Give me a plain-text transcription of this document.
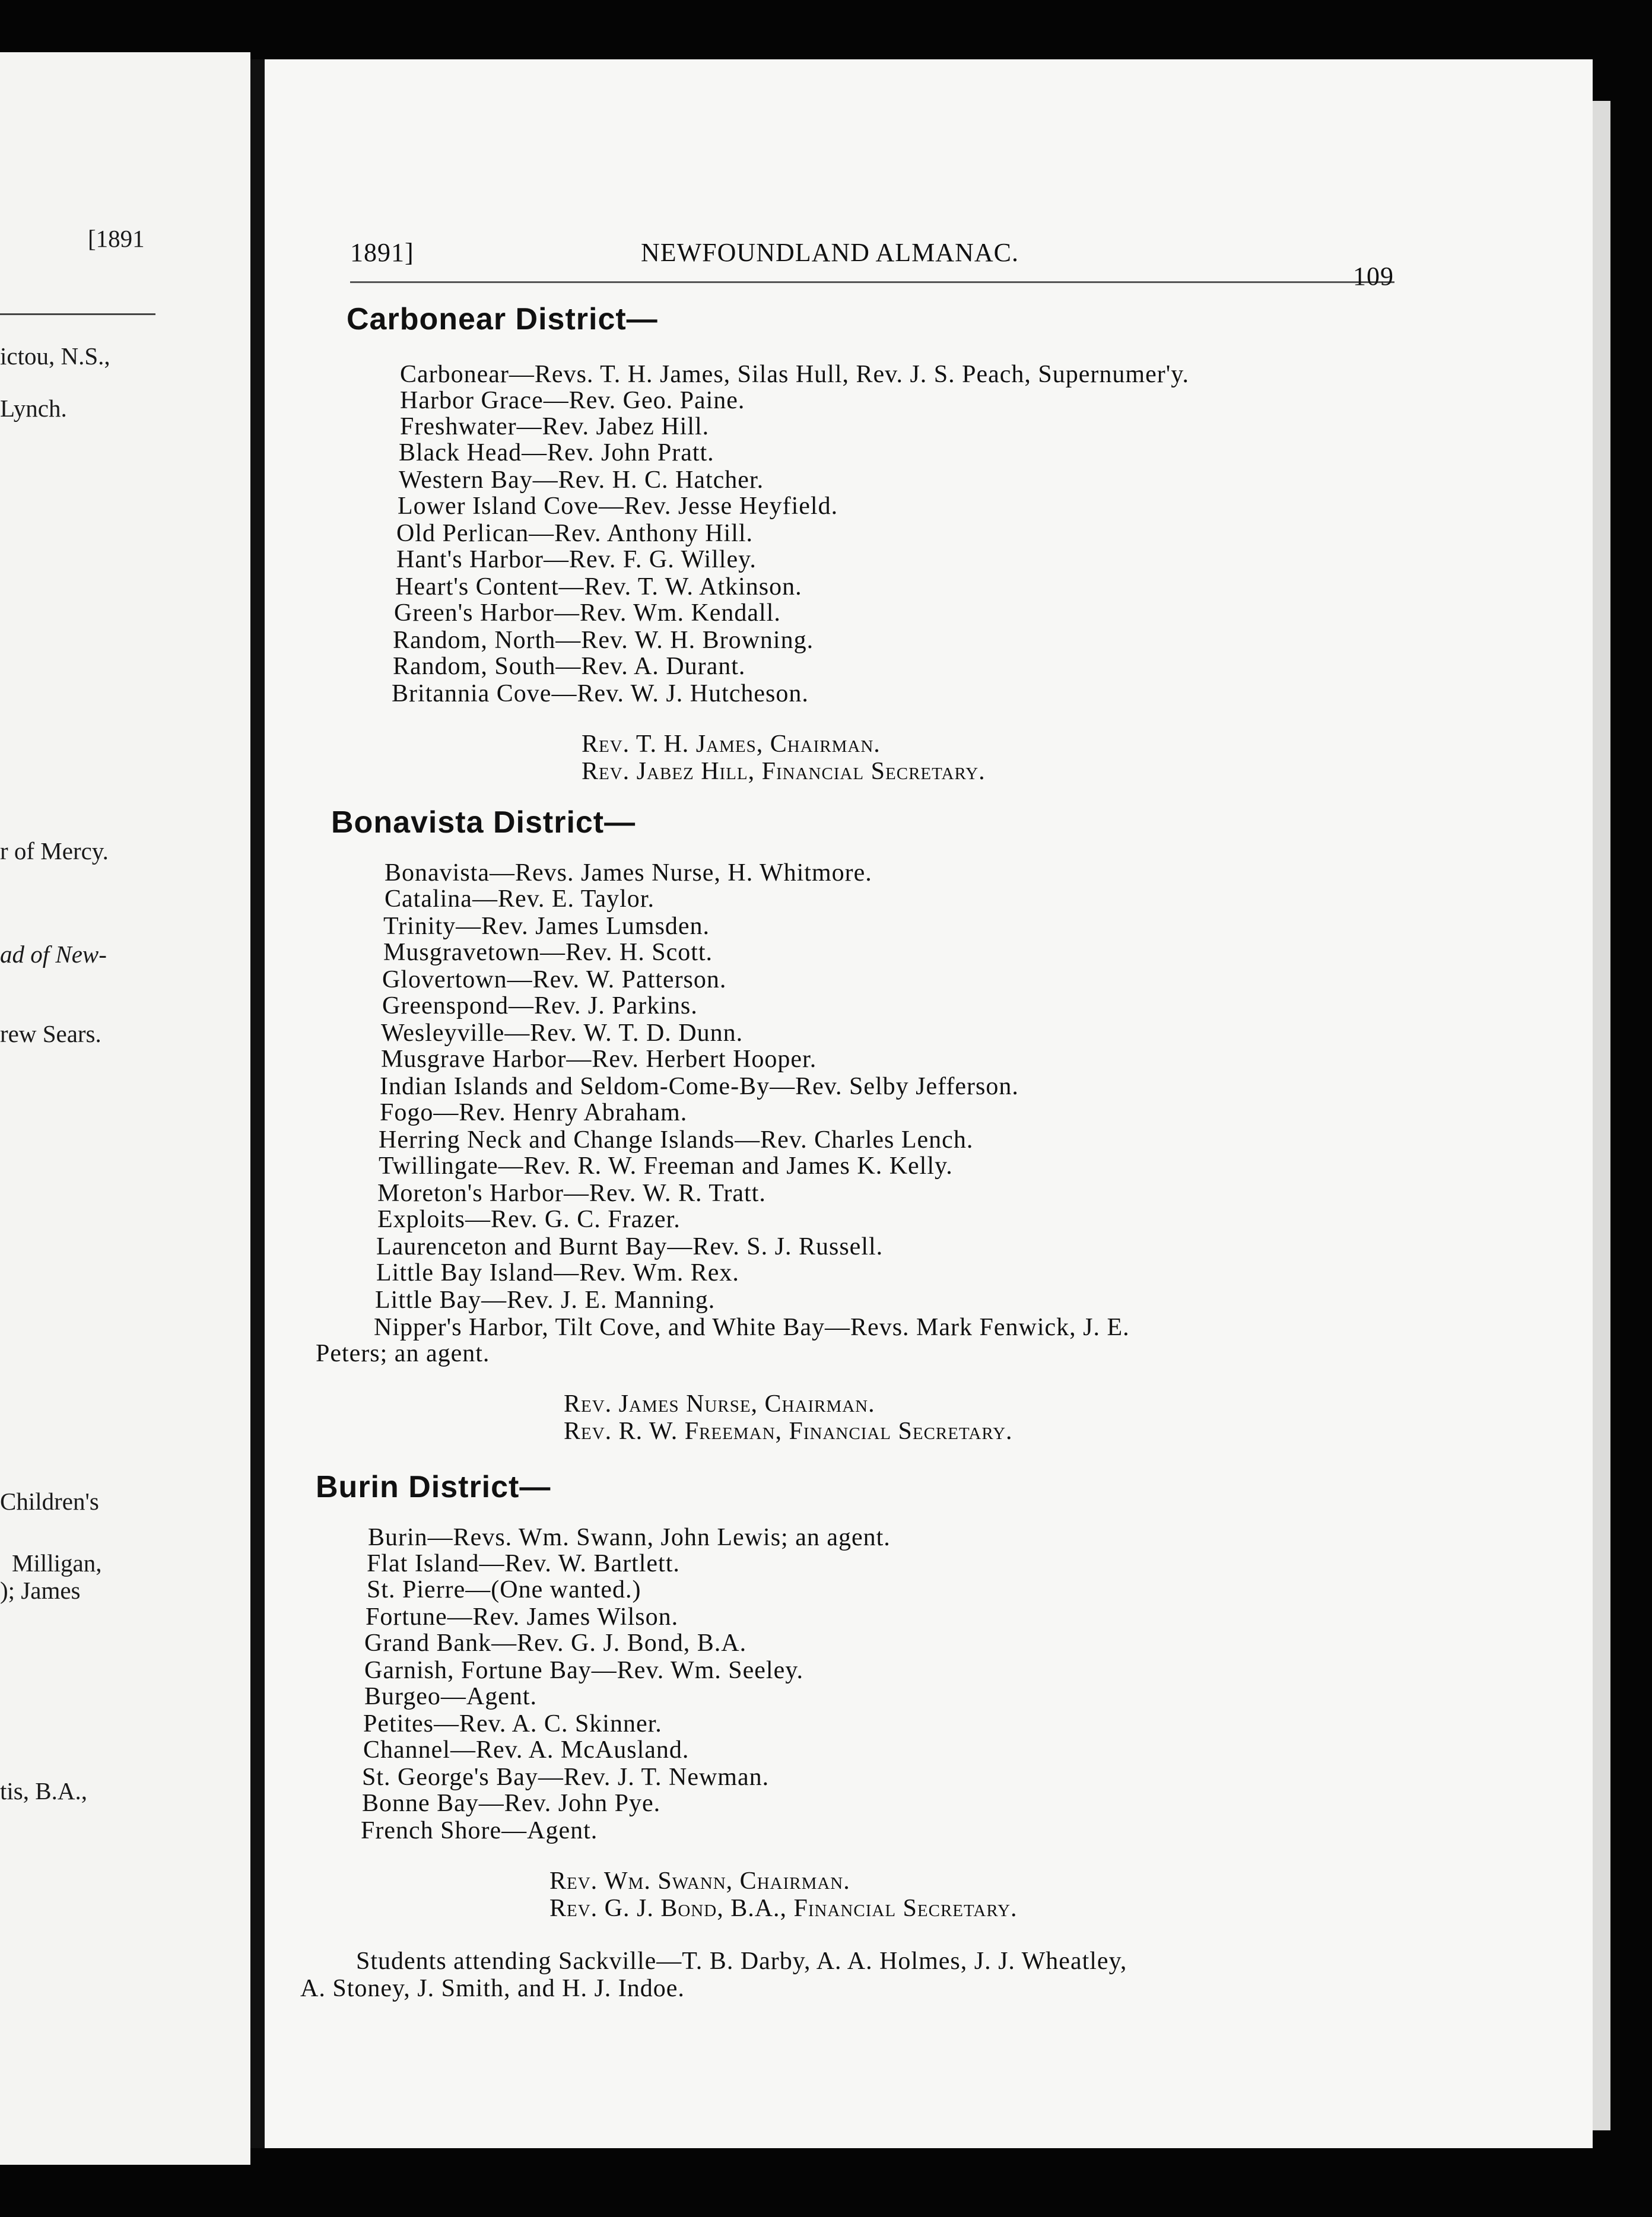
[1891
ictou, N.S.,
Lynch.
r of Mercy.
ad of New-
rew Sears.
Children's
Milligan,
); James
tis, B.A.,
1891]	NEWFOUNDLAND ALMANAC.
109
Carbonear District—
Carbonear—Revs. T. H. James, Silas Hull, Rev. J. S. Peach, Supernumer'y.
Harbor Grace—Rev. Geo. Paine.
Freshwater—Rev. Jabez Hill.
Black Head—Rev. John Pratt.
Western Bay—Rev. H. C. Hatcher.
Lower Island Cove—Rev. Jesse Heyfield.
Old Perlican—Rev. Anthony Hill.
Hant's Harbor—Rev. F. G. Willey.
Heart's Content—Rev. T. W. Atkinson.
Green's Harbor—Rev. Wm. Kendall.
Random, North—Rev. W. H. Browning.
Random, South—Rev. A. Durant.
Britannia Cove—Rev. W. J. Hutcheson.
Rev. T. H. James, Chairman.
Rev. Jabez Hill, Financial Secretary.
Bonavista District—
Bonavista—Revs. James Nurse, H. Whitmore.
Catalina—Rev. E. Taylor.
Trinity—Rev. James Lumsden.
Musgravetown—Rev. H. Scott.
Glovertown—Rev. W. Patterson.
Greenspond—Rev. J. Parkins.
Wesleyville—Rev. W. T. D. Dunn.
Musgrave Harbor—Rev. Herbert Hooper.
Indian Islands and Seldom-Come-By—Rev. Selby Jefferson.
Fogo—Rev. Henry Abraham.
Herring Neck and Change Islands—Rev. Charles Lench.
Twillingate—Rev. R. W. Freeman and James K. Kelly.
Moreton's Harbor—Rev. W. R. Tratt.
Exploits—Rev. G. C. Frazer.
Laurenceton and Burnt Bay—Rev. S. J. Russell.
Little Bay Island—Rev. Wm. Rex.
Little Bay—Rev. J. E. Manning.
Nipper's Harbor, Tilt Cove, and White Bay—Revs. Mark Fenwick, J. E.
Peters; an agent.
Rev. James Nurse, Chairman.
Rev. R. W. Freeman, Financial Secretary.
Burin District—
Burin—Revs. Wm. Swann, John Lewis; an agent.
Flat Island—Rev. W. Bartlett.
St. Pierre—(One wanted.)
Fortune—Rev. James Wilson.
Grand Bank—Rev. G. J. Bond, B.A.
Garnish, Fortune Bay—Rev. Wm. Seeley.
Burgeo—Agent.
Petites—Rev. A. C. Skinner.
Channel—Rev. A. McAusland.
St. George's Bay—Rev. J. T. Newman.
Bonne Bay—Rev. John Pye.
French Shore—Agent.
Rev. Wm. Swann, Chairman.
Rev. G. J. Bond, B.A., Financial Secretary.
Students attending Sackville—T. B. Darby, A. A. Holmes, J. J. Wheatley,
A. Stoney, J. Smith, and H. J. Indoe.
